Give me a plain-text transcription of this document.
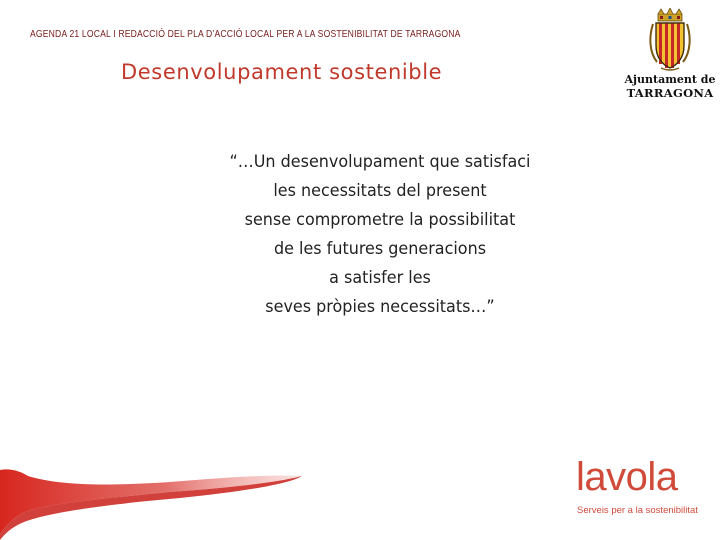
AGENDA 21 LOCAL I REDACCIÓ DEL PLA D’ACCIÓ LOCAL PER A LA SOSTENIBILITAT DE TARRAGONA
Desenvolupament sostenible
“…Un desenvolupament que satisfaci
les necessitats del present
sense comprometre la possibilitat
de les futures generacions
a satisfer les
seves pròpies necessitats…”
Ajuntament de
TARRAGONA
lavola
Serveis per a la sostenibilitat
